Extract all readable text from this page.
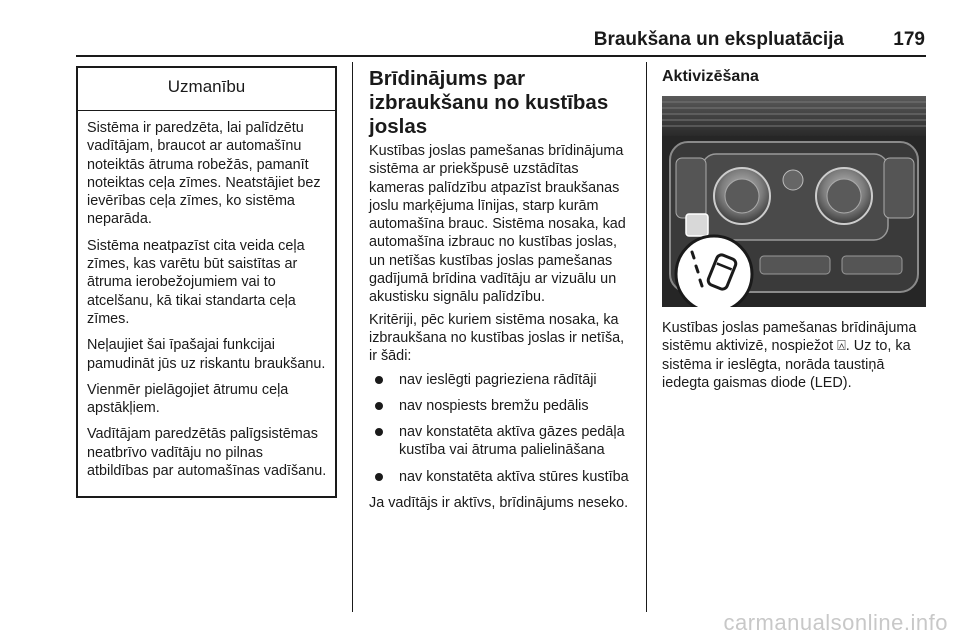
Braukšana un ekspluatācija	179
Uzmanību

Sistēma ir paredzēta, lai palīdzētu vadītājam, braucot ar automašīnu noteiktās ātruma robežās, pamanīt noteiktas ceļa zīmes. Neatstājiet bez ievērības ceļa zīmes, ko sistēma neparāda.

Sistēma neatpazīst cita veida ceļa zīmes, kas varētu būt saistītas ar ātruma ierobežojumiem vai to atcelšanu, kā tikai standarta ceļa zīmes.

Neļaujiet šai īpašajai funkcijai pamudināt jūs uz riskantu braukšanu.

Vienmēr pielāgojiet ātrumu ceļa apstākļiem.

Vadītājam paredzētās palīgsistēmas neatbrīvo vadītāju no pilnas atbildības par automašīnas vadīšanu.

Brīdinājums par izbraukšanu no kustības joslas

Kustības joslas pamešanas brīdinājuma sistēma ar priekšpusē uzstādītas kameras palīdzību atpazīst braukšanas joslu marķējuma līnijas, starp kurām automašīna brauc. Sistēma nosaka, kad automašīna izbrauc no kustības joslas, un netīšas kustības joslas pamešanas gadījumā brīdina vadītāju ar vizuālu un akustisku signālu palīdzību.

Kritēriji, pēc kuriem sistēma nosaka, ka izbraukšana no kustības joslas ir netīša, ir šādi:

nav ieslēgti pagrieziena rādītāji
nav nospiests bremžu pedālis
nav konstatēta aktīva gāzes pedāļa kustība vai ātruma palielināšana
nav konstatēta aktīva stūres kustība

Ja vadītājs ir aktīvs, brīdinājums neseko.

Aktivizēšana

Kustības joslas pamešanas brīdinājuma sistēmu aktivizē, nospiežot ⍓. Uz to, ka sistēma ir ieslēgta, norāda taustiņā iedegta gaismas diode (LED).

carmanualsonline.info
